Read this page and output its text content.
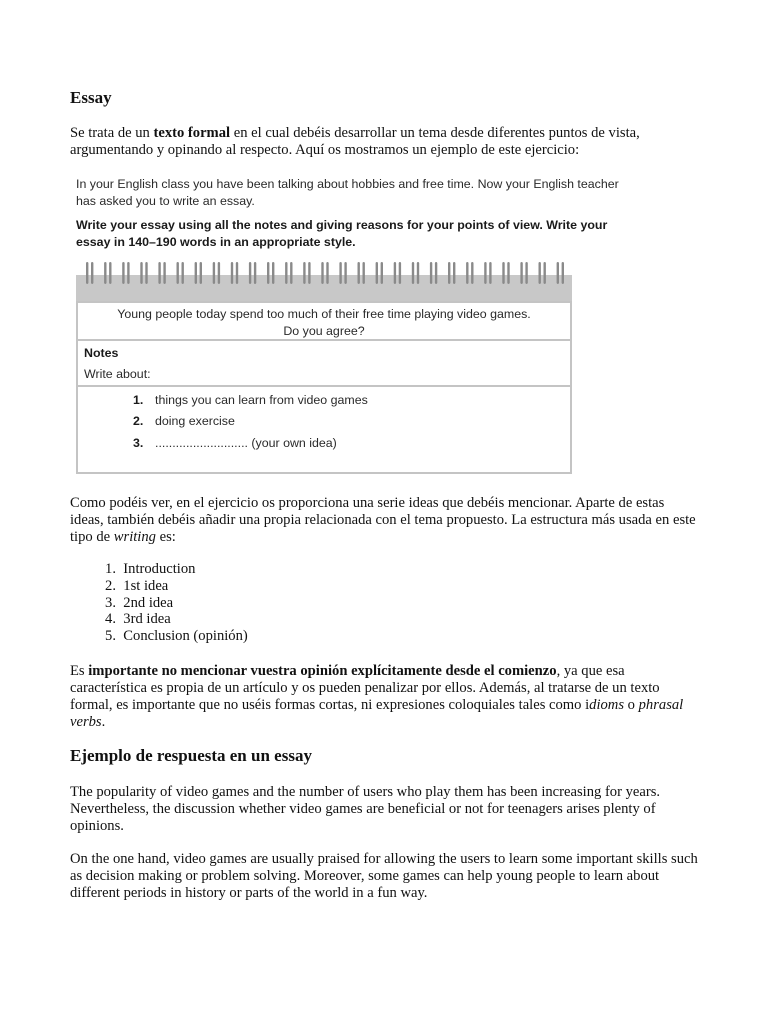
Essay

Se trata de un texto formal en el cual debéis desarrollar un tema desde diferentes puntos de vista, argumentando y opinando al respecto. Aquí os mostramos un ejemplo de este ejercicio:

Como podéis ver, en el ejercicio os proporciona una serie ideas que debéis mencionar. Aparte de estas ideas, también debéis añadir una propia relacionada con el tema propuesto. La estructura más usada en este tipo de writing es:

Es importante no mencionar vuestra opinión explícitamente desde el comienzo, ya que esa característica es propia de un artículo y os pueden penalizar por ellos. Además, al tratarse de un texto formal, es importante que no uséis formas cortas, ni expresiones coloquiales tales como idioms o phrasal verbs.

Ejemplo de respuesta en un essay

The popularity of video games and the number of users who play them has been increasing for years. Nevertheless, the discussion whether video games are beneficial or not for teenagers arises plenty of opinions.

On the one hand, video games are usually praised for allowing the users to learn some important skills such as decision making or problem solving. Moreover, some games can help young people to learn about different periods in history or parts of the world in a fun way.

In your English class you have been talking about hobbies and free time. Now your English teacher has asked you to write an essay.
Write your essay using all the notes and giving reasons for your points of view. Write your essay in 140–190 words in an appropriate style.
Young people today spend too much of their free time playing video games.
Do you agree?
Notes
Write about:
1. things you can learn from video games
2. doing exercise
3. ........................... (your own idea)
1. Introduction
2. 1st idea
3. 2nd idea
4. 3rd idea
5. Conclusion (opinión)
